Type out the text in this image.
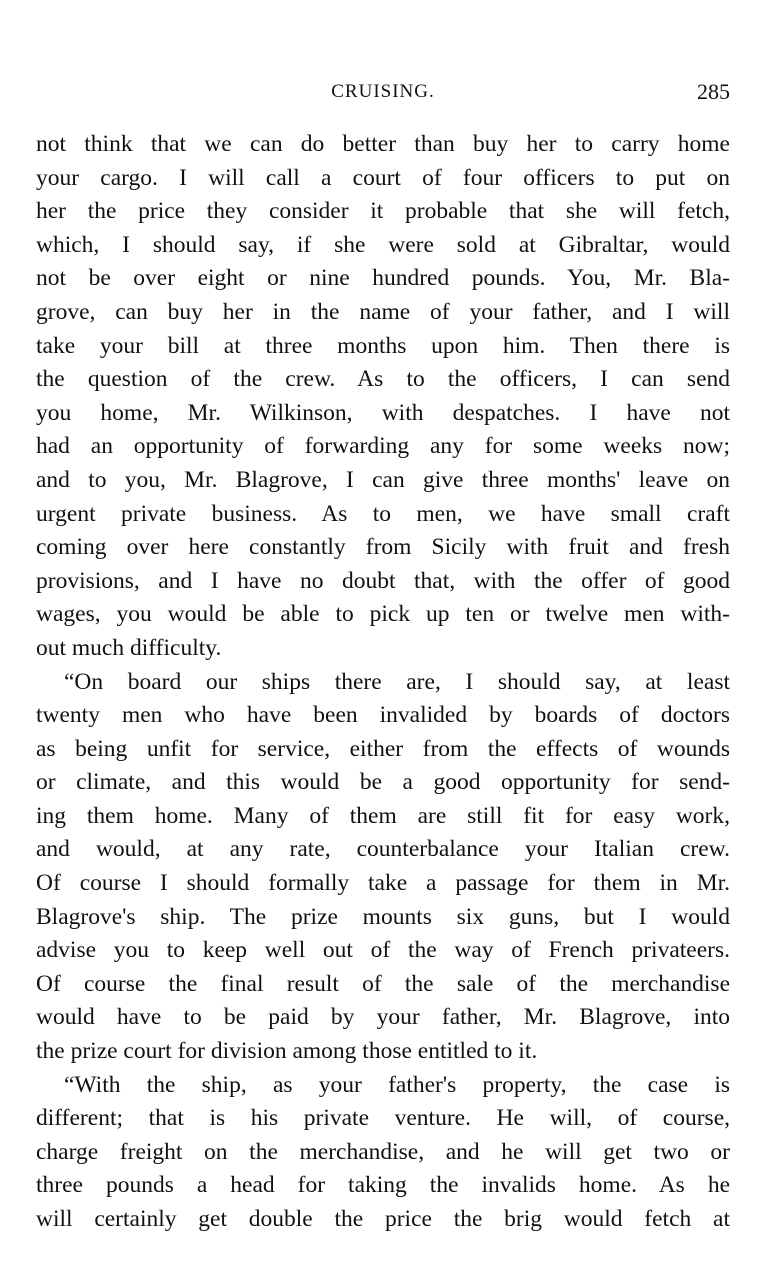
CRUISING.	285
not think that we can do better than buy her to carry home
your cargo. I will call a court of four officers to put on
her the price they consider it probable that she will fetch,
which, I should say, if she were sold at Gibraltar, would
not be over eight or nine hundred pounds. You, Mr. Bla-
grove, can buy her in the name of your father, and I will
take your bill at three months upon him. Then there is
the question of the crew. As to the officers, I can send
you home, Mr. Wilkinson, with despatches. I have not
had an opportunity of forwarding any for some weeks now;
and to you, Mr. Blagrove, I can give three months' leave on
urgent private business. As to men, we have small craft
coming over here constantly from Sicily with fruit and fresh
provisions, and I have no doubt that, with the offer of good
wages, you would be able to pick up ten or twelve men with-
out much difficulty.
“On board our ships there are, I should say, at least
twenty men who have been invalided by boards of doctors
as being unfit for service, either from the effects of wounds
or climate, and this would be a good opportunity for send-
ing them home. Many of them are still fit for easy work,
and would, at any rate, counterbalance your Italian crew.
Of course I should formally take a passage for them in Mr.
Blagrove's ship. The prize mounts six guns, but I would
advise you to keep well out of the way of French privateers.
Of course the final result of the sale of the merchandise
would have to be paid by your father, Mr. Blagrove, into
the prize court for division among those entitled to it.
“With the ship, as your father's property, the case is
different; that is his private venture. He will, of course,
charge freight on the merchandise, and he will get two or
three pounds a head for taking the invalids home. As he
will certainly get double the price the brig would fetch at
